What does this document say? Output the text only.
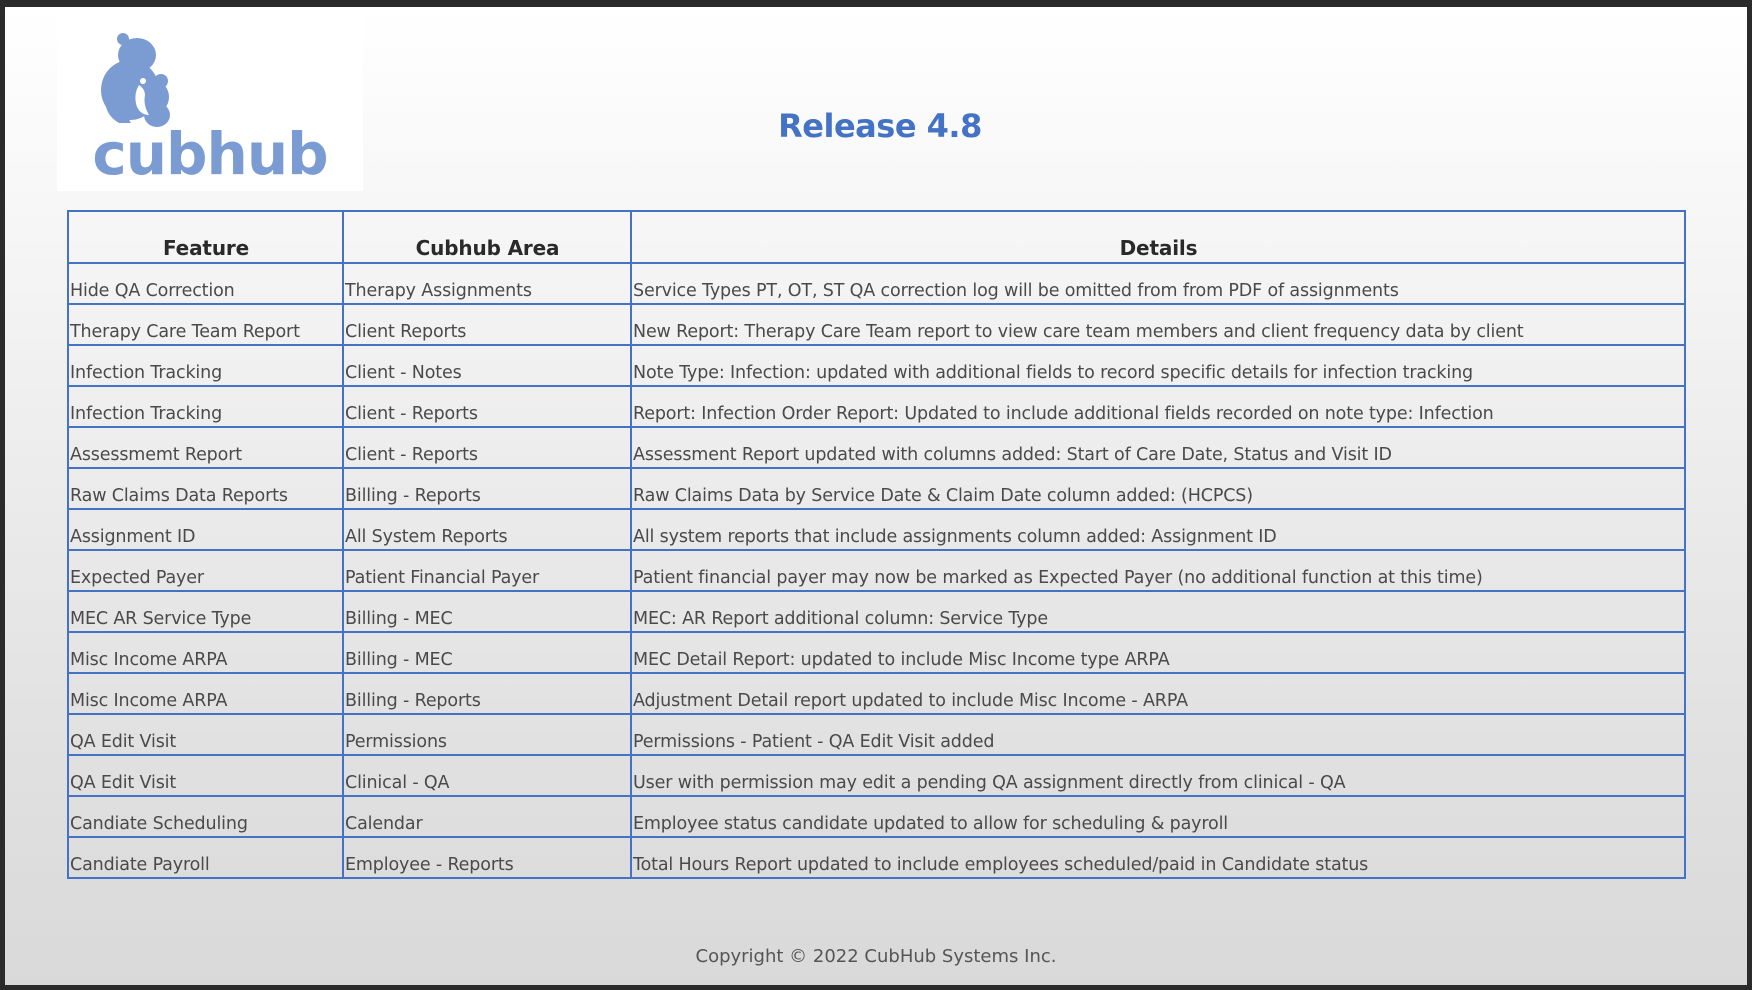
cubhub	Release 4.8
Feature	Cubhub Area	Details
Hide QA Correction	Therapy Assignments	Service Types PT, OT, ST QA correction log will be omitted from from PDF of assignments
Therapy Care Team Report	Client Reports	New Report: Therapy Care Team report to view care team members and client frequency data by client
Infection Tracking	Client - Notes	Note Type: Infection: updated with additional fields to record specific details for infection tracking
Infection Tracking	Client - Reports	Report: Infection Order Report: Updated to include additional fields recorded on note type: Infection
Assessmemt Report	Client - Reports	Assessment Report updated with columns added: Start of Care Date, Status and Visit ID
Raw Claims Data Reports	Billing - Reports	Raw Claims Data by Service Date & Claim Date column added: (HCPCS)
Assignment ID	All System Reports	All system reports that include assignments column added: Assignment ID
Expected Payer	Patient Financial Payer	Patient financial payer may now be marked as Expected Payer (no additional function at this time)
MEC AR Service Type	Billing - MEC	MEC: AR Report additional column: Service Type
Misc Income ARPA	Billing - MEC	MEC Detail Report: updated to include Misc Income type ARPA
Misc Income ARPA	Billing - Reports	Adjustment Detail report updated to include Misc Income - ARPA
QA Edit Visit	Permissions	Permissions - Patient - QA Edit Visit added
QA Edit Visit	Clinical - QA	User with permission may edit a pending QA assignment directly from clinical - QA
Candiate Scheduling	Calendar	Employee status candidate updated to allow for scheduling & payroll
Candiate Payroll	Employee - Reports	Total Hours Report updated to include employees scheduled/paid in Candidate status
Copyright © 2022 CubHub Systems Inc.
